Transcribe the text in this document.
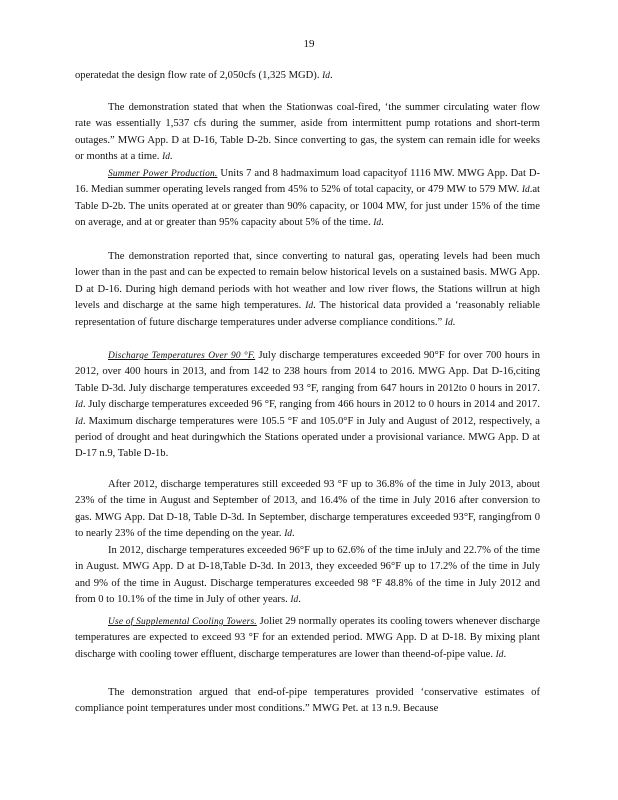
19

operatedat the design flow rate of 2,050cfs (1,325 MGD). Id.

The demonstration stated that when the Stationwas coal-fired, ‘the summer circulating water flow rate was essentially 1,537 cfs during the summer, aside from intermittent pump rotations and short-term outages.” MWG App. D at D-16, Table D-2b. Since converting to gas, the system can remain idle for weeks or months at a time. Id.

Summer Power Production. Units 7 and 8 hadmaximum load capacityof 1116 MW. MWG App. Dat D-16. Median summer operating levels ranged from 45% to 52% of total capacity, or 479 MW to 579 MW. Id.at Table D-2b. The units operated at or greater than 90% capacity, or 1004 MW, for just under 15% of the time on average, and at or greater than 95% capacity about 5% of the time. Id.

The demonstration reported that, since converting to natural gas, operating levels had been much lower than in the past and can be expected to remain below historical levels on a sustained basis. MWG App. D at D-16. During high demand periods with hot weather and low river flows, the Stations willrun at high levels and discharge at the same high temperatures. Id. The historical data provided a ‘reasonably reliable representation of future discharge temperatures under adverse compliance conditions.” Id.

Discharge Temperatures Over 90 °F. July discharge temperatures exceeded 90°F for over 700 hours in 2012, over 400 hours in 2013, and from 142 to 238 hours from 2014 to 2016. MWG App. Dat D-16,citing Table D-3d. July discharge temperatures exceeded 93 °F, ranging from 647 hours in 2012to 0 hours in 2017. Id. July discharge temperatures exceeded 96 °F, ranging from 466 hours in 2012 to 0 hours in 2014 and 2017. Id. Maximum discharge temperatures were 105.5 °F and 105.0°F in July and August of 2012, respectively, a period of drought and heat duringwhich the Stations operated under a provisional variance. MWG App. D at D-17 n.9, Table D-1b.

After 2012, discharge temperatures still exceeded 93 °F up to 36.8% of the time in July 2013, about 23% of the time in August and September of 2013, and 16.4% of the time in July 2016 after conversion to gas. MWG App. Dat D-18, Table D-3d. In September, discharge temperatures exceeded 93°F, rangingfrom 0 to nearly 23% of the time depending on the year. Id.

In 2012, discharge temperatures exceeded 96°F up to 62.6% of the time inJuly and 22.7% of the time in August. MWG App. D at D-18,Table D-3d. In 2013, they exceeded 96°F up to 17.2% of the time in July and 9% of the time in August. Discharge temperatures exceeded 98 °F 48.8% of the time in July 2012 and from 0 to 10.1% of the time in July of other years. Id.

Use of Supplemental Cooling Towers. Joliet 29 normally operates its cooling towers whenever discharge temperatures are expected to exceed 93 °F for an extended period. MWG App. D at D-18. By mixing plant discharge with cooling tower effluent, discharge temperatures are lower than theend-of-pipe value. Id.

The demonstration argued that end-of-pipe temperatures provided ‘conservative estimates of compliance point temperatures under most conditions.” MWG Pet. at 13 n.9. Because
